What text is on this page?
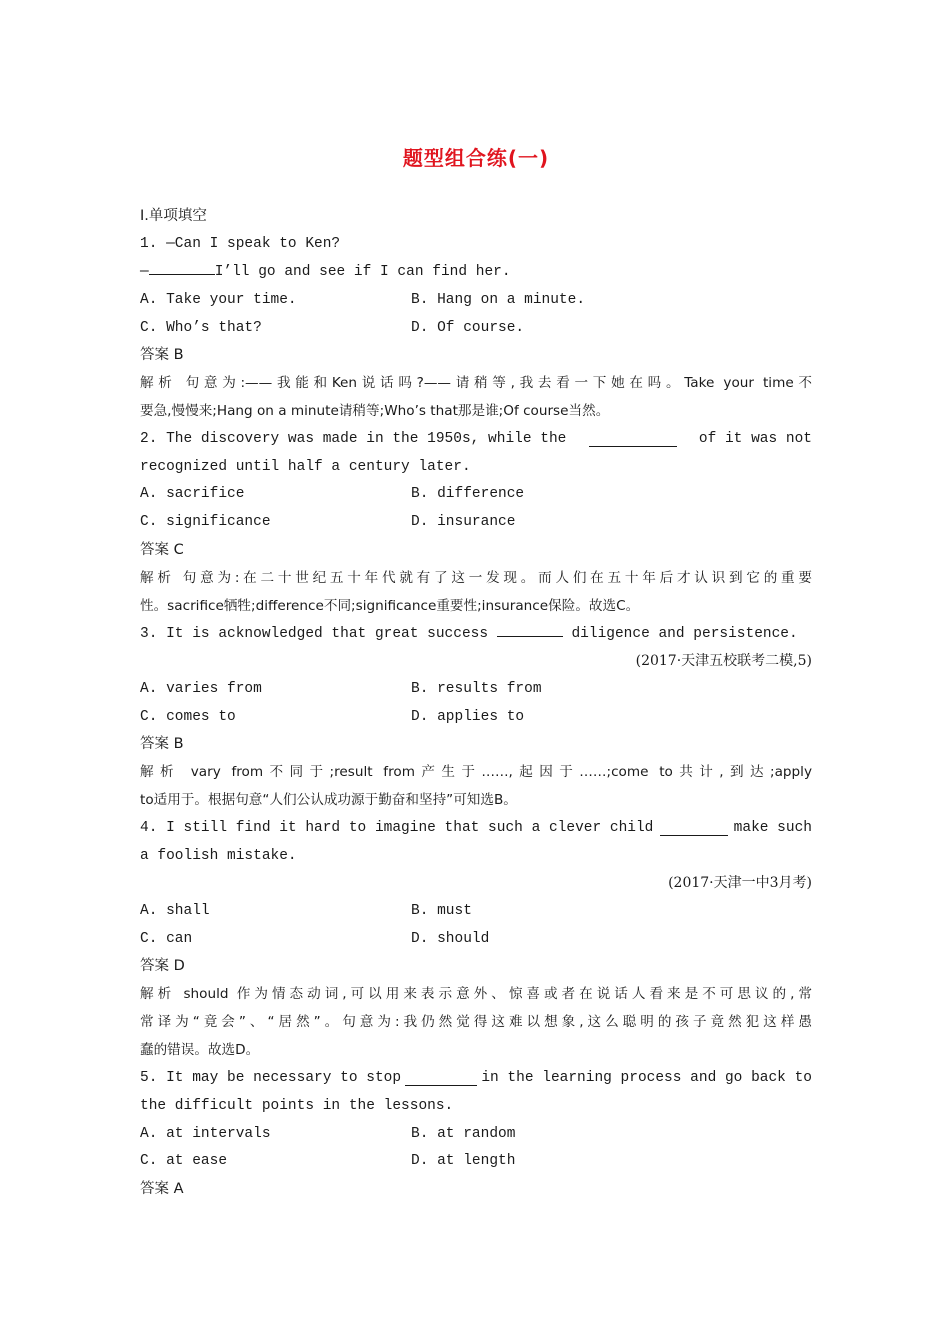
题型组合练(一)
Ⅰ.单项填空
1. —Can I speak to Ken?
—	I’ll go and see if I can find her.
A. Take your time.	B. Hang on a minute.
C. Who’s that?	D. Of course.
答案 B
解析 句意为:——我能和Ken说话吗?——请稍等,我去看一下她在吗。Take your time不
要急,慢慢来;Hang on a minute请稍等;Who’s that那是谁;Of course当然。
2. The discovery was made in the 1950s, while the	of it was not
recognized until half a century later.
A. sacrifice	B. difference
C. significance	D. insurance
答案 C
解析 句意为:在二十世纪五十年代就有了这一发现。而人们在五十年后才认识到它的重要
性。sacrifice牺牲;difference不同;significance重要性;insurance保险。故选C。
3. It is acknowledged that great success	diligence and persistence.
(2017·天津五校联考二模,5)
A. varies from	B. results from
C. comes to	D. applies to
答案 B
解析 vary from不同于;result from产生于……,起因于……;come to共计,到达;apply
to适用于。根据句意“人们公认成功源于勤奋和坚持”可知选B。
4. I still find it hard to imagine that such a clever child	make such
a foolish mistake.
(2017·天津一中3月考)
A. shall	B. must
C. can	D. should
答案 D
解析 should 作为情态动词,可以用来表示意外、惊喜或者在说话人看来是不可思议的,常
常译为“竟会”、“居然”。句意为:我仍然觉得这难以想象,这么聪明的孩子竟然犯这样愚
蠢的错误。故选D。
5. It may be necessary to stop	in the learning process and go back to
the difficult points in the lessons.
A. at intervals	B. at random
C. at ease	D. at length
答案 A
